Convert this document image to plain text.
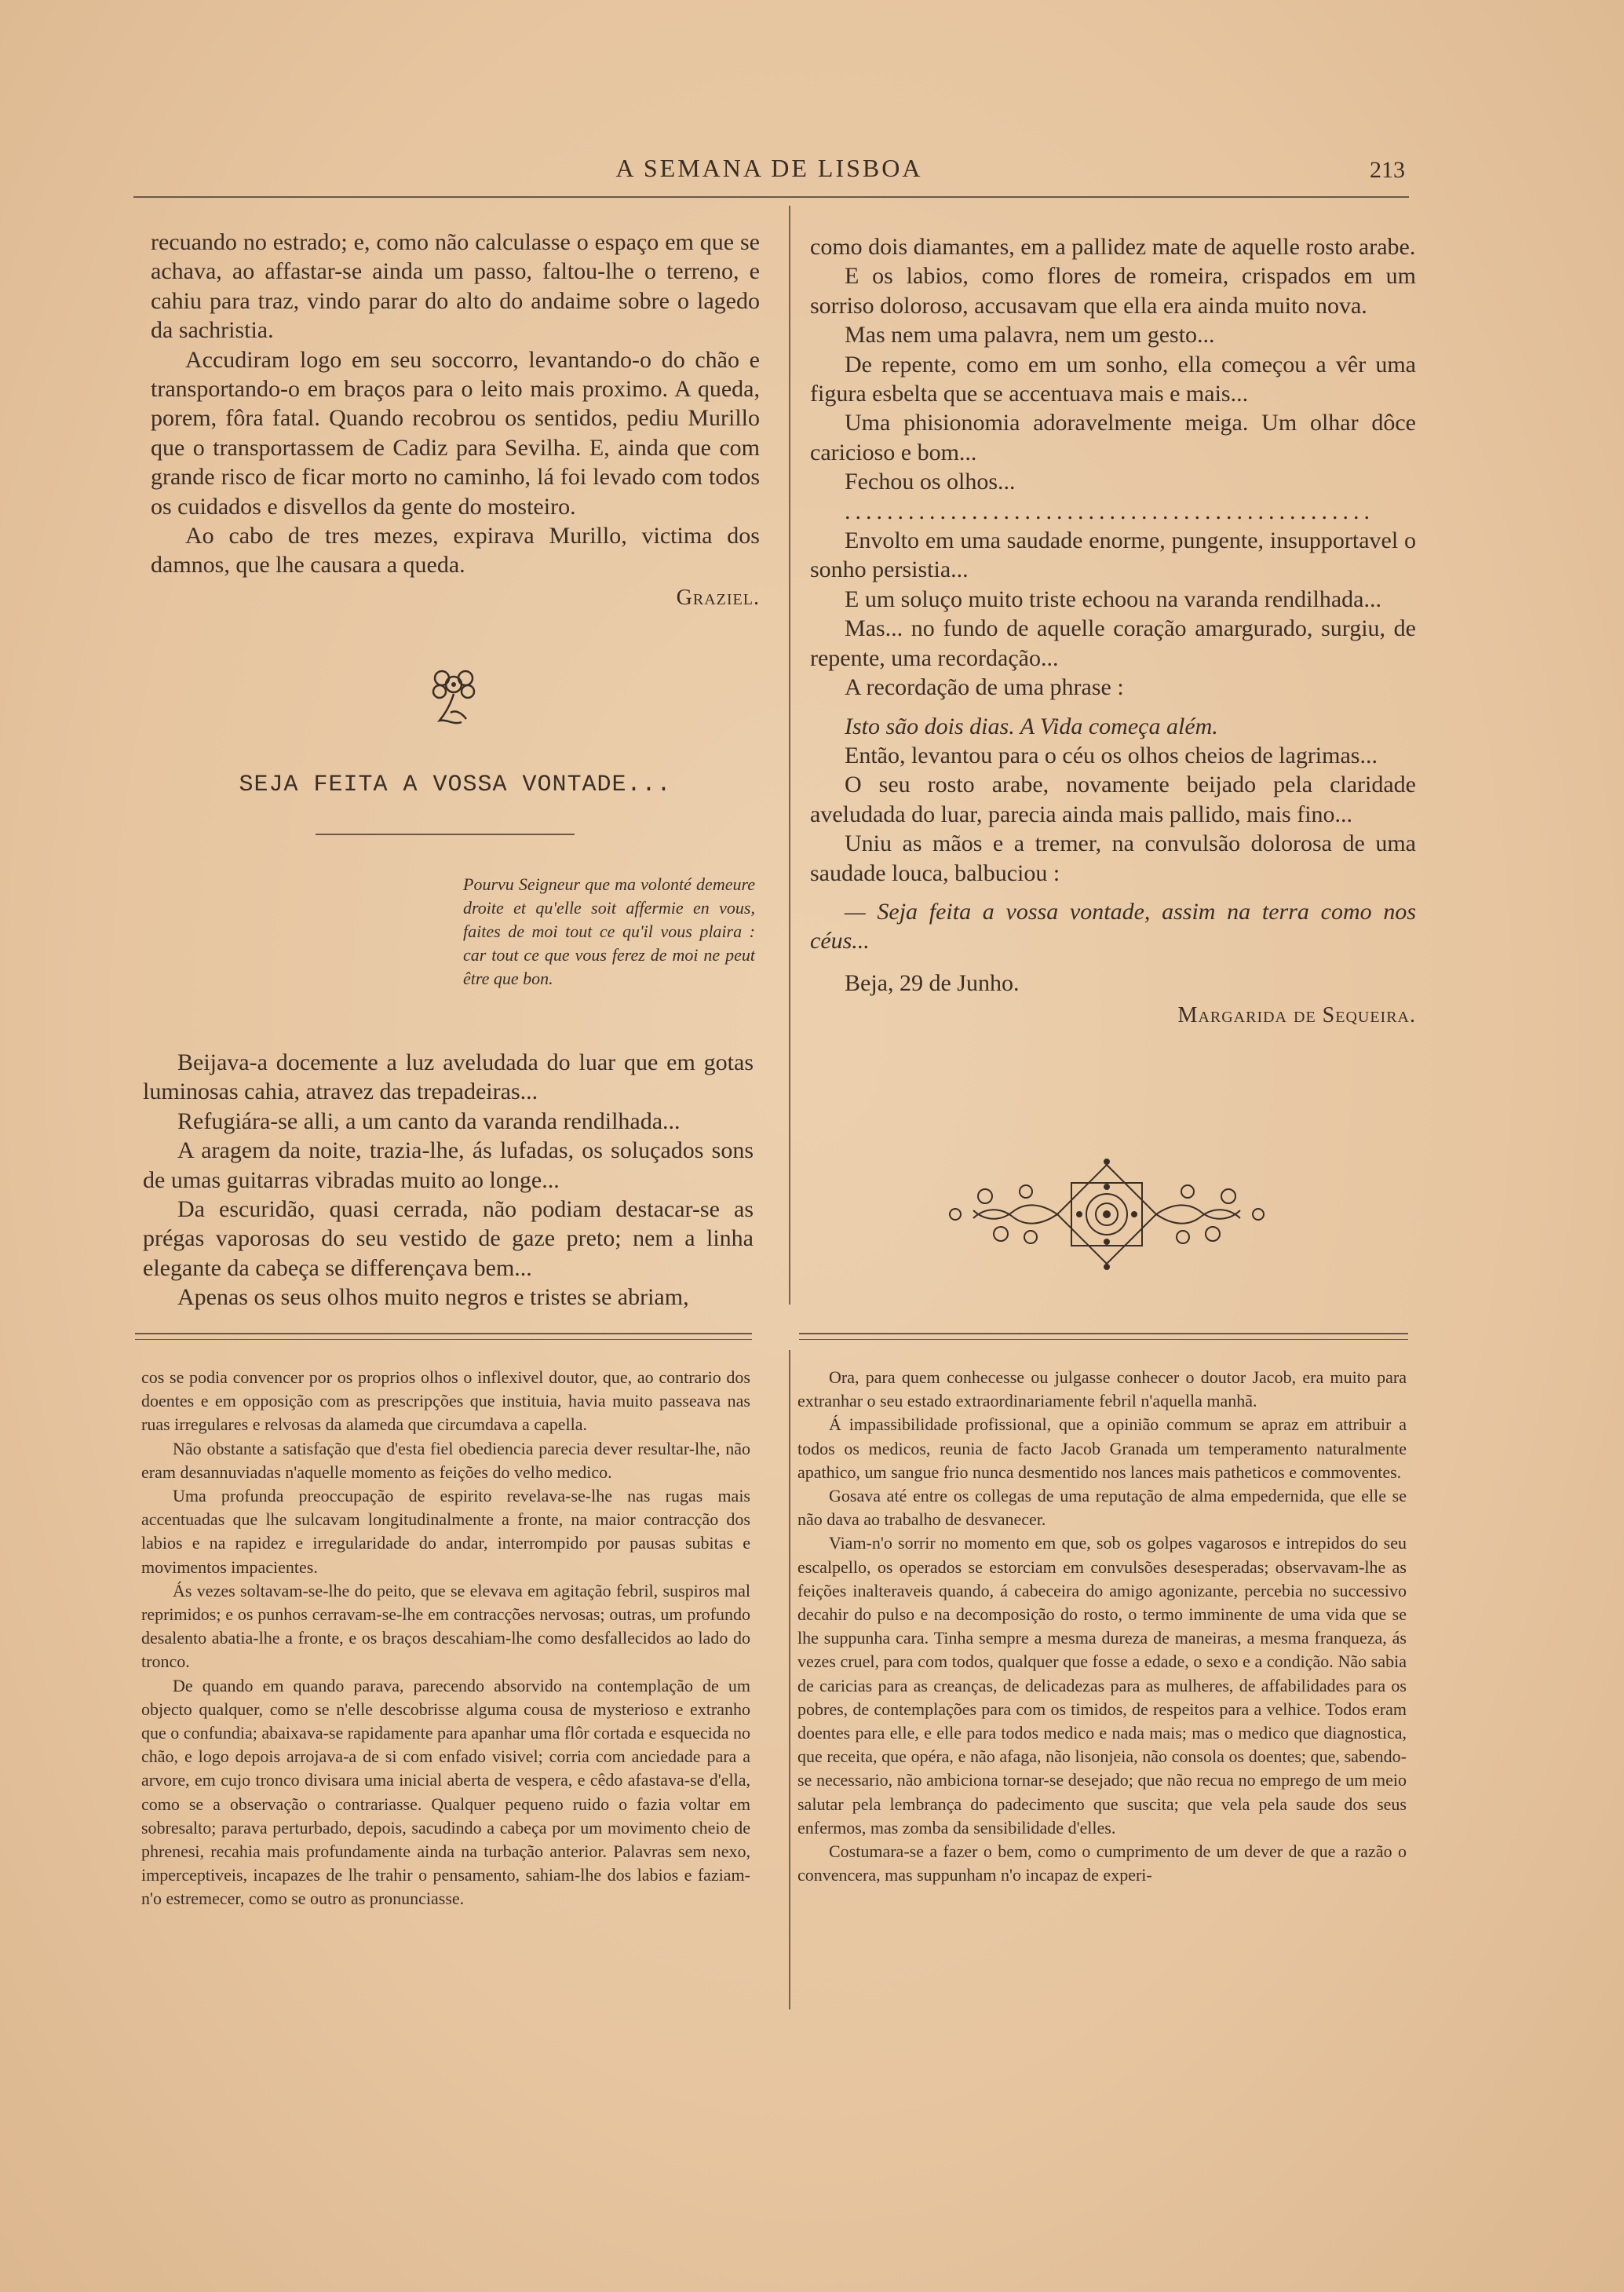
A SEMANA DE LISBOA	213

recuando no estrado; e, como não calculasse o espaço em que se achava, ao affastar-se ainda um passo, faltou-lhe o terreno, e cahiu para traz, vindo parar do alto do andaime sobre o lagedo da sachristia.

Accudiram logo em seu soccorro, levantando-o do chão e transportando-o em braços para o leito mais proximo. A queda, porem, fôra fatal. Quando recobrou os sentidos, pediu Murillo que o transportassem de Cadiz para Sevilha. E, ainda que com grande risco de ficar morto no caminho, lá foi levado com todos os cuidados e disvellos da gente do mosteiro.

Ao cabo de tres mezes, expirava Murillo, victima dos damnos, que lhe causara a queda.

Graziel.
SEJA FEITA A VOSSA VONTADE...
Pourvu Seigneur que ma volonté demeure droite et qu'elle soit affermie en vous, faites de moi tout ce qu'il vous plaira : car tout ce que vous ferez de moi ne peut être que bon.

Beijava-a docemente a luz aveludada do luar que em gotas luminosas cahia, atravez das trepadeiras...

Refugiára-se alli, a um canto da varanda rendilhada...

A aragem da noite, trazia-lhe, ás lufadas, os soluçados sons de umas guitarras vibradas muito ao longe...

Da escuridão, quasi cerrada, não podiam destacar-se as prégas vaporosas do seu vestido de gaze preto; nem a linha elegante da cabeça se differençava bem...

Apenas os seus olhos muito negros e tristes se abriam,

como dois diamantes, em a pallidez mate de aquelle rosto arabe.

E os labios, como flores de romeira, crispados em um sorriso doloroso, accusavam que ella era ainda muito nova.

Mas nem uma palavra, nem um gesto...

De repente, como em um sonho, ella começou a vêr uma figura esbelta que se accentuava mais e mais...

Uma phisionomia adoravelmente meiga. Um olhar dôce caricioso e bom...

Fechou os olhos...

..................................................

Envolto em uma saudade enorme, pungente, insupportavel o sonho persistia...

E um soluço muito triste echoou na varanda rendilhada...

Mas... no fundo de aquelle coração amargurado, surgiu, de repente, uma recordação...

A recordação de uma phrase :

Isto são dois dias. A Vida começa além.

Então, levantou para o céu os olhos cheios de lagrimas...

O seu rosto arabe, novamente beijado pela claridade aveludada do luar, parecia ainda mais pallido, mais fino...

Uniu as mãos e a tremer, na convulsão dolorosa de uma saudade louca, balbuciou :

— Seja feita a vossa vontade, assim na terra como nos céus...

Beja, 29 de Junho.

Margarida de Sequeira.

cos se podia convencer por os proprios olhos o inflexivel doutor, que, ao contrario dos doentes e em opposição com as prescripções que instituia, havia muito passeava nas ruas irregulares e relvosas da alameda que circumdava a capella.

Não obstante a satisfação que d'esta fiel obediencia parecia dever resultar-lhe, não eram desannuviadas n'aquelle momento as feições do velho medico.

Uma profunda preoccupação de espirito revelava-se-lhe nas rugas mais accentuadas que lhe sulcavam longitudinalmente a fronte, na maior contracção dos labios e na rapidez e irregularidade do andar, interrompido por pausas subitas e movimentos impacientes.

Ás vezes soltavam-se-lhe do peito, que se elevava em agitação febril, suspiros mal reprimidos; e os punhos cerravam-se-lhe em contracções nervosas; outras, um profundo desalento abatia-lhe a fronte, e os braços descahiam-lhe como desfallecidos ao lado do tronco.

De quando em quando parava, parecendo absorvido na contemplação de um objecto qualquer, como se n'elle descobrisse alguma cousa de mysterioso e extranho que o confundia; abaixava-se rapidamente para apanhar uma flôr cortada e esquecida no chão, e logo depois arrojava-a de si com enfado visivel; corria com anciedade para a arvore, em cujo tronco divisara uma inicial aberta de vespera, e cêdo afastava-se d'ella, como se a observação o contrariasse. Qualquer pequeno ruido o fazia voltar em sobresalto; parava perturbado, depois, sacudindo a cabeça por um movimento cheio de phrenesi, recahia mais profundamente ainda na turbação anterior. Palavras sem nexo, imperceptiveis, incapazes de lhe trahir o pensamento, sahiam-lhe dos labios e faziam-n'o estremecer, como se outro as pronunciasse.

Ora, para quem conhecesse ou julgasse conhecer o doutor Jacob, era muito para extranhar o seu estado extraordinariamente febril n'aquella manhã.

Á impassibilidade profissional, que a opinião commum se apraz em attribuir a todos os medicos, reunia de facto Jacob Granada um temperamento naturalmente apathico, um sangue frio nunca desmentido nos lances mais patheticos e commoventes.

Gosava até entre os collegas de uma reputação de alma empedernida, que elle se não dava ao trabalho de desvanecer.

Viam-n'o sorrir no momento em que, sob os golpes vagarosos e intrepidos do seu escalpello, os operados se estorciam em convulsões desesperadas; observavam-lhe as feições inalteraveis quando, á cabeceira do amigo agonizante, percebia no successivo decahir do pulso e na decomposição do rosto, o termo imminente de uma vida que se lhe suppunha cara. Tinha sempre a mesma dureza de maneiras, a mesma franqueza, ás vezes cruel, para com todos, qualquer que fosse a edade, o sexo e a condição. Não sabia de caricias para as creanças, de delicadezas para as mulheres, de affabilidades para os pobres, de contemplações para com os timidos, de respeitos para a velhice. Todos eram doentes para elle, e elle para todos medico e nada mais; mas o medico que diagnostica, que receita, que opéra, e não afaga, não lisonjeia, não consola os doentes; que, sabendo-se necessario, não ambiciona tornar-se desejado; que não recua no emprego de um meio salutar pela lembrança do padecimento que suscita; que vela pela saude dos seus enfermos, mas zomba da sensibilidade d'elles.

Costumara-se a fazer o bem, como o cumprimento de um dever de que a razão o convencera, mas suppunham n'o incapaz de experi-
